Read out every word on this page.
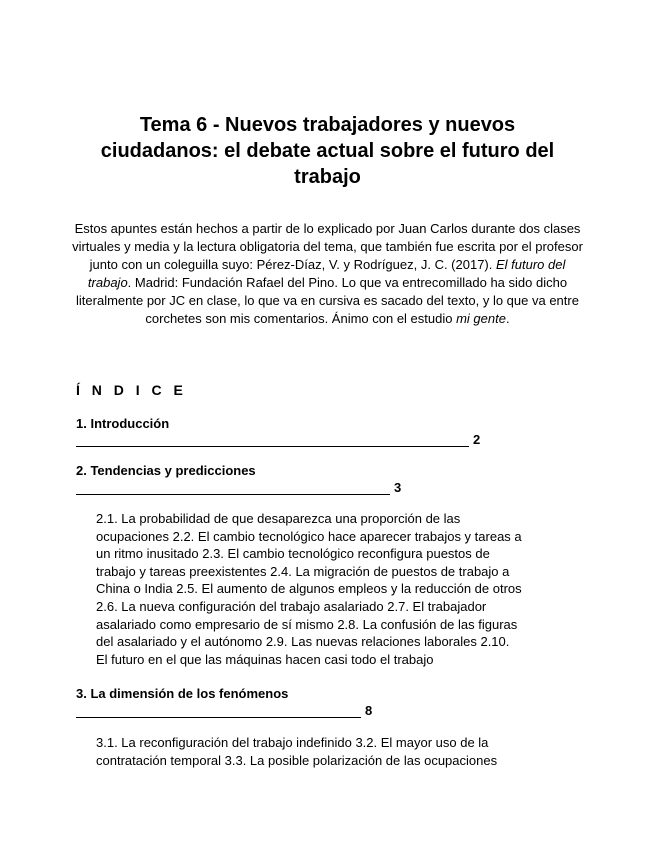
Tema 6 - Nuevos trabajadores y nuevos ciudadanos: el debate actual sobre el futuro del trabajo
Estos apuntes están hechos a partir de lo explicado por Juan Carlos durante dos clases virtuales y media y la lectura obligatoria del tema, que también fue escrita por el profesor junto con un coleguilla suyo: Pérez-Díaz, V. y Rodríguez, J. C. (2017). El futuro del trabajo. Madrid: Fundación Rafael del Pino. Lo que va entrecomillado ha sido dicho literalmente por JC en clase, lo que va en cursiva es sacado del texto, y lo que va entre corchetes son mis comentarios. Ánimo con el estudio mi gente.
Í N D I C E
1. Introducción
2
2. Tendencias y predicciones
3
2.1. La probabilidad de que desaparezca una proporción de las ocupaciones 2.2. El cambio tecnológico hace aparecer trabajos y tareas a un ritmo inusitado 2.3. El cambio tecnológico reconfigura puestos de trabajo y tareas preexistentes 2.4. La migración de puestos de trabajo a China o India 2.5. El aumento de algunos empleos y la reducción de otros 2.6. La nueva configuración del trabajo asalariado 2.7. El trabajador asalariado como empresario de sí mismo 2.8. La confusión de las figuras del asalariado y el autónomo 2.9. Las nuevas relaciones laborales 2.10. El futuro en el que las máquinas hacen casi todo el trabajo
3. La dimensión de los fenómenos
8
3.1. La reconfiguración del trabajo indefinido 3.2. El mayor uso de la contratación temporal 3.3. La posible polarización de las ocupaciones
